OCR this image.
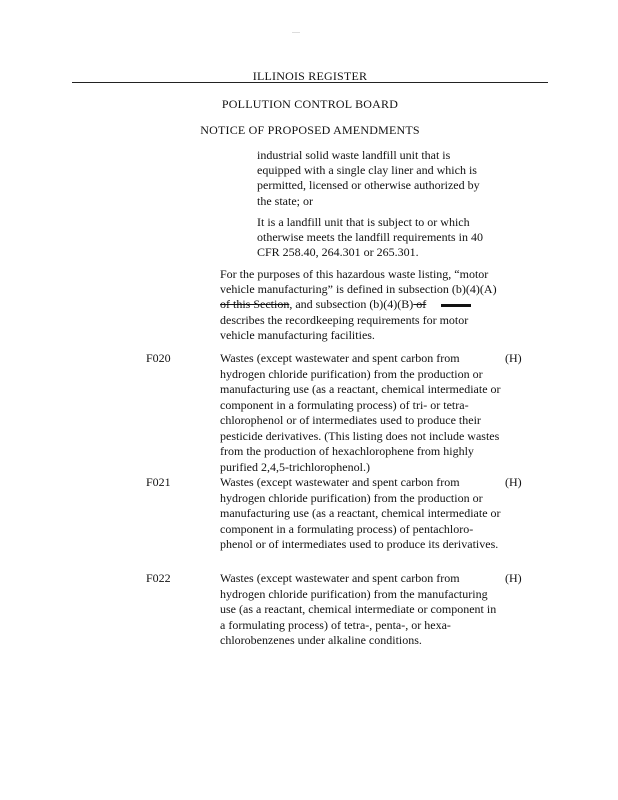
ILLINOIS REGISTER
POLLUTION CONTROL BOARD
NOTICE OF PROPOSED AMENDMENTS
industrial solid waste landfill unit that is equipped with a single clay liner and which is permitted, licensed or otherwise authorized by the state; or
It is a landfill unit that is subject to or which otherwise meets the landfill requirements in 40 CFR 258.40, 264.301 or 265.301.
For the purposes of this hazardous waste listing, “motor vehicle manufacturing” is defined in subsection (b)(4)(A) of this Section, and subsection (b)(4)(B) of  describes the recordkeeping requirements for motor vehicle manufacturing facilities.
F020	Wastes (except wastewater and spent carbon from hydrogen chloride purification) from the production or manufacturing use (as a reactant, chemical intermediate or component in a formulating process) of tri- or tetra-chlorophenol or of intermediates used to produce their pesticide derivatives. (This listing does not include wastes from the production of hexachlorophene from highly purified 2,4,5-trichlorophenol.)
(H)
F021	Wastes (except wastewater and spent carbon from hydrogen chloride purification) from the production or manufacturing use (as a reactant, chemical intermediate or component in a formulating process) of pentachloro-phenol or of intermediates used to produce its derivatives.
(H)
F022	Wastes (except wastewater and spent carbon from hydrogen chloride purification) from the manufacturing use (as a reactant, chemical intermediate or component in a formulating process) of tetra-, penta-, or hexa-chlorobenzenes under alkaline conditions.
(H)
